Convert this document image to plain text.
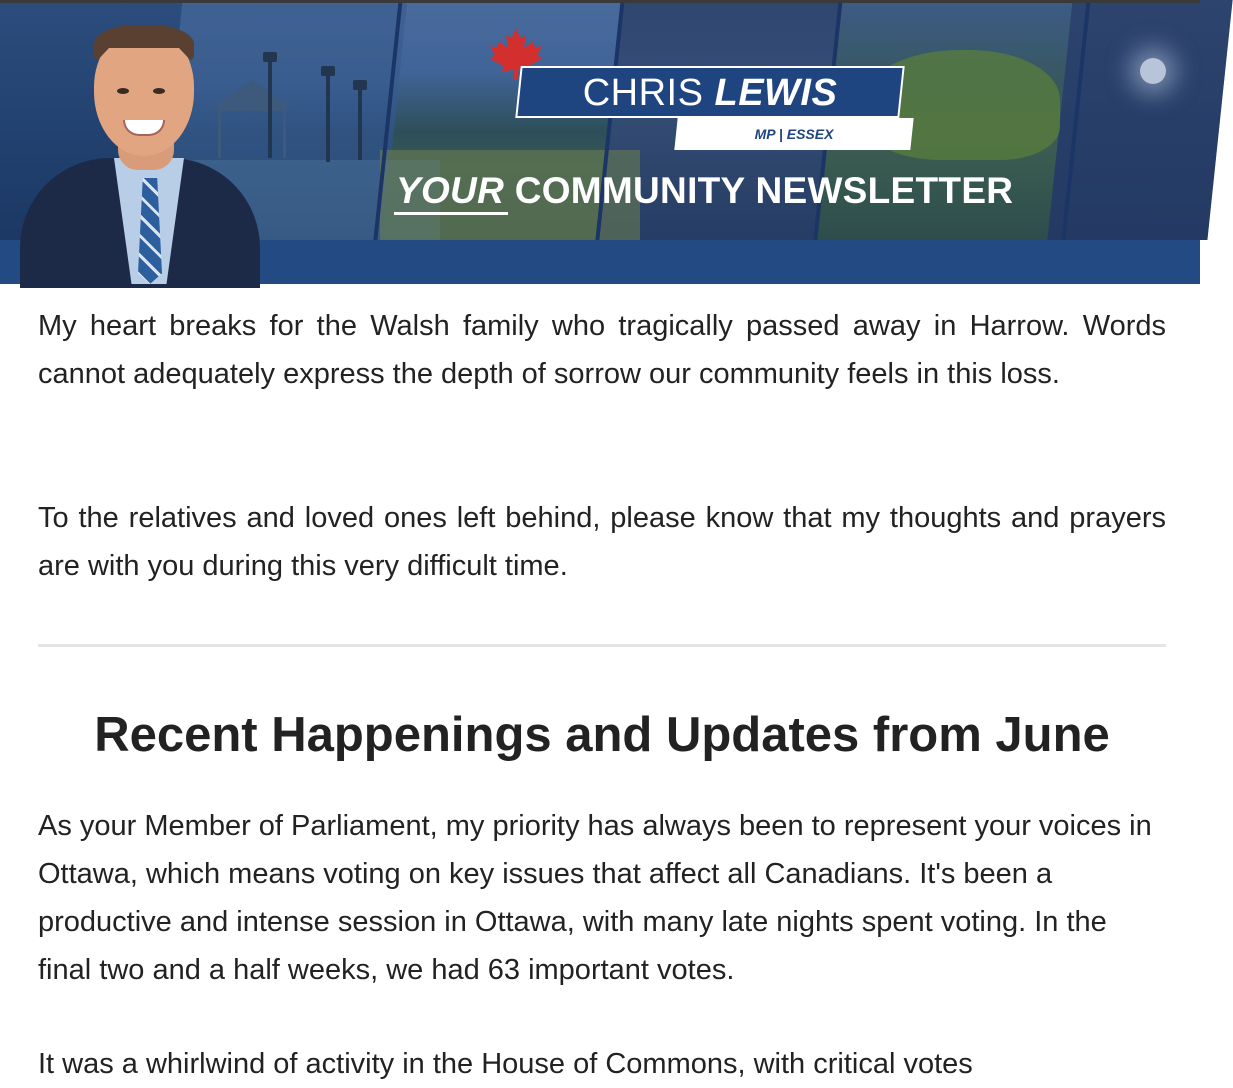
CHRIS LEWIS
MP | ESSEX
YOUR COMMUNITY NEWSLETTER

My heart breaks for the Walsh family who tragically passed away in Harrow. Words cannot adequately express the depth of sorrow our community feels in this loss.

To the relatives and loved ones left behind, please know that my thoughts and prayers are with you during this very difficult time.

Recent Happenings and Updates from June

As your Member of Parliament, my priority has always been to represent your voices in Ottawa, which means voting on key issues that affect all Canadians. It's been a productive and intense session in Ottawa, with many late nights spent voting. In the final two and a half weeks, we had 63 important votes.

It was a whirlwind of activity in the House of Commons, with critical votes
